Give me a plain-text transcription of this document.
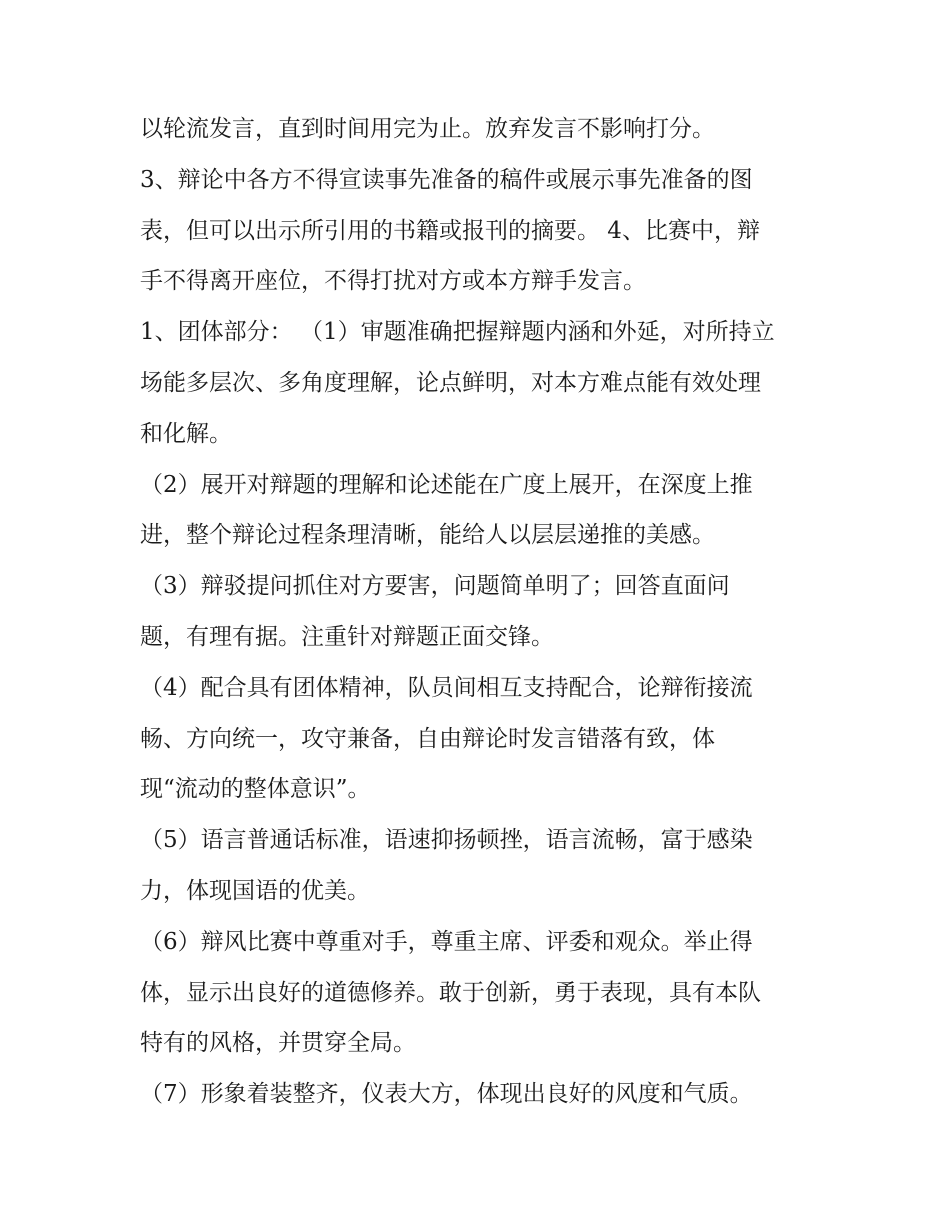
以轮流发言，直到时间用完为止。放弃发言不影响打分。

3、辩论中各方不得宣读事先准备的稿件或展示事先准备的图
表，但可以出示所引用的书籍或报刊的摘要。 4、比赛中，辩
手不得离开座位，不得打扰对方或本方辩手发言。

1、团体部分： （1）审题准确把握辩题内涵和外延，对所持立
场能多层次、多角度理解，论点鲜明，对本方难点能有效处理
和化解。

（2）展开对辩题的理解和论述能在广度上展开，在深度上推
进，整个辩论过程条理清晰，能给人以层层递推的美感。

（3）辩驳提问抓住对方要害，问题简单明了；回答直面问
题，有理有据。注重针对辩题正面交锋。

（4）配合具有团体精神，队员间相互支持配合，论辩衔接流
畅、方向统一，攻守兼备，自由辩论时发言错落有致，体
现“流动的整体意识”。

（5）语言普通话标准，语速抑扬顿挫，语言流畅，富于感染
力，体现国语的优美。

（6）辩风比赛中尊重对手，尊重主席、评委和观众。举止得
体，显示出良好的道德修养。敢于创新，勇于表现，具有本队
特有的风格，并贯穿全局。

（7）形象着装整齐，仪表大方，体现出良好的风度和气质。
